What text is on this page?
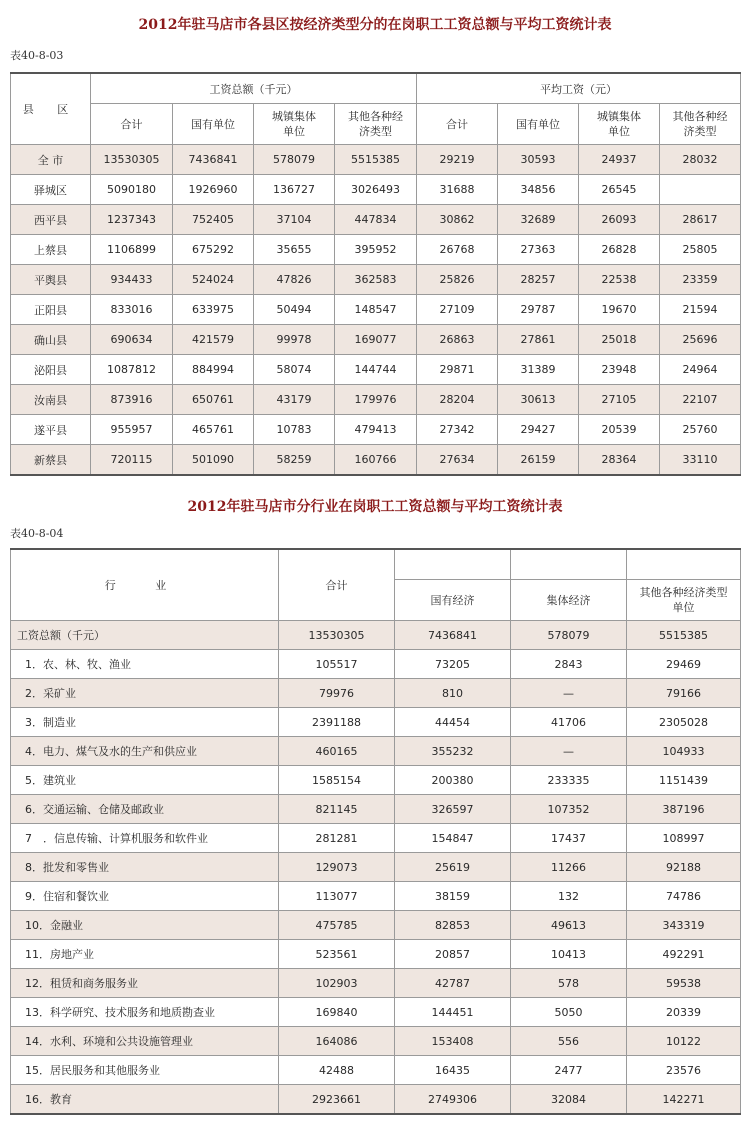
2012年驻马店市各县区按经济类型分的在岗职工工资总额与平均工资统计表
表40-8-03
县 区	工资总额（千元）				平均工资（元）			
	合计	国有单位	城镇集体单位	其他各种经济类型	合计	国有单位	城镇集体单位	其他各种经济类型
全 市	13530305	7436841	578079	5515385	29219	30593	24937	28032
驿城区	5090180	1926960	136727	3026493	31688	34856	26545	
西平县	1237343	752405	37104	447834	30862	32689	26093	28617
上蔡县	1106899	675292	35655	395952	26768	27363	26828	25805
平舆县	934433	524024	47826	362583	25826	28257	22538	23359
正阳县	833016	633975	50494	148547	27109	29787	19670	21594
确山县	690634	421579	99978	169077	26863	27861	25018	25696
泌阳县	1087812	884994	58074	144744	29871	31389	23948	24964
汝南县	873916	650761	43179	179976	28204	30613	27105	22107
遂平县	955957	465761	10783	479413	27342	29427	20539	25760
新蔡县	720115	501090	58259	160766	27634	26159	28364	33110
2012年驻马店市分行业在岗职工工资总额与平均工资统计表
表40-8-04
行 业	合计			
		国有经济	集体经济	其他各种经济类型单位
工资总额（千元）	13530305	7436841	578079	5515385
1．农、林、牧、渔业	105517	73205	2843	29469
2．采矿业	79976	810	—	79166
3．制造业	2391188	44454	41706	2305028
4．电力、煤气及水的生产和供应业	460165	355232	—	104933
5．建筑业	1585154	200380	233335	1151439
6．交通运输、仓储及邮政业	821145	326597	107352	387196
7　．信息传输、计算机服务和软件业	281281	154847	17437	108997
8．批发和零售业	129073	25619	11266	92188
9．住宿和餐饮业	113077	38159	132	74786
10．金融业	475785	82853	49613	343319
11．房地产业	523561	20857	10413	492291
12．租赁和商务服务业	102903	42787	578	59538
13．科学研究、技术服务和地质勘查业	169840	144451	5050	20339
14．水利、环境和公共设施管理业	164086	153408	556	10122
15．居民服务和其他服务业	42488	16435	2477	23576
16．教育	2923661	2749306	32084	142271
